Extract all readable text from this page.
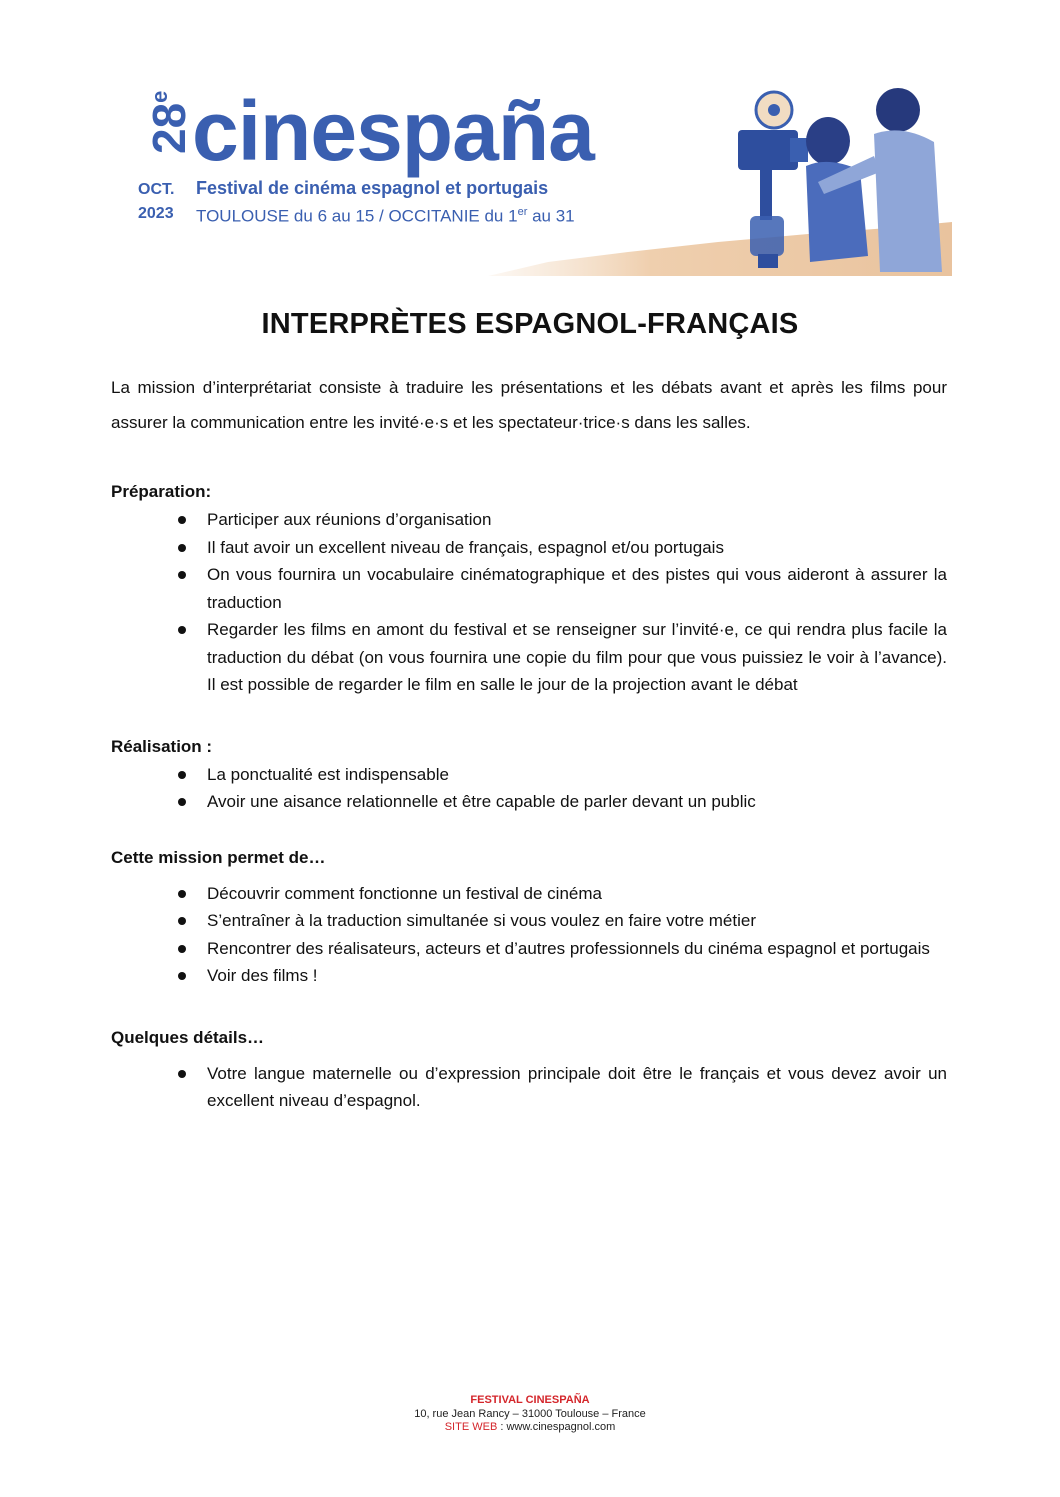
28e cinespaña
OCT.
2023
Festival de cinéma espagnol et portugais
TOULOUSE du 6 au 15 / OCCITANIE du 1er au 31
INTERPRÈTES ESPAGNOL-FRANÇAIS

La mission d’interprétariat consiste à traduire les présentations et les débats avant et après les films pour assurer la communication entre les invité·e·s et les spectateur·trice·s dans les salles.

Préparation:

Participer aux réunions d’organisation
Il faut avoir un excellent niveau de français, espagnol et/ou portugais
On vous fournira un vocabulaire cinématographique et des pistes qui vous aideront à assurer la traduction
Regarder les films en amont du festival et se renseigner sur l’invité·e, ce qui rendra plus facile la traduction du débat (on vous fournira une copie du film pour que vous puissiez le voir à l’avance). Il est possible de regarder le film en salle le jour de la projection avant le débat

Réalisation :

La ponctualité est indispensable
Avoir une aisance relationnelle et être capable de parler devant un public

Cette mission permet de…

Découvrir comment fonctionne un festival de cinéma
S’entraîner à la traduction simultanée si vous voulez en faire votre métier
Rencontrer des réalisateurs, acteurs et d’autres professionnels du cinéma espagnol et portugais
Voir des films !

Quelques détails…

Votre langue maternelle ou d’expression principale doit être le français et vous devez avoir un excellent niveau d’espagnol.
FESTIVAL CINESPAÑA
10, rue Jean Rancy – 31000 Toulouse – France
SITE WEB : www.cinespagnol.com
